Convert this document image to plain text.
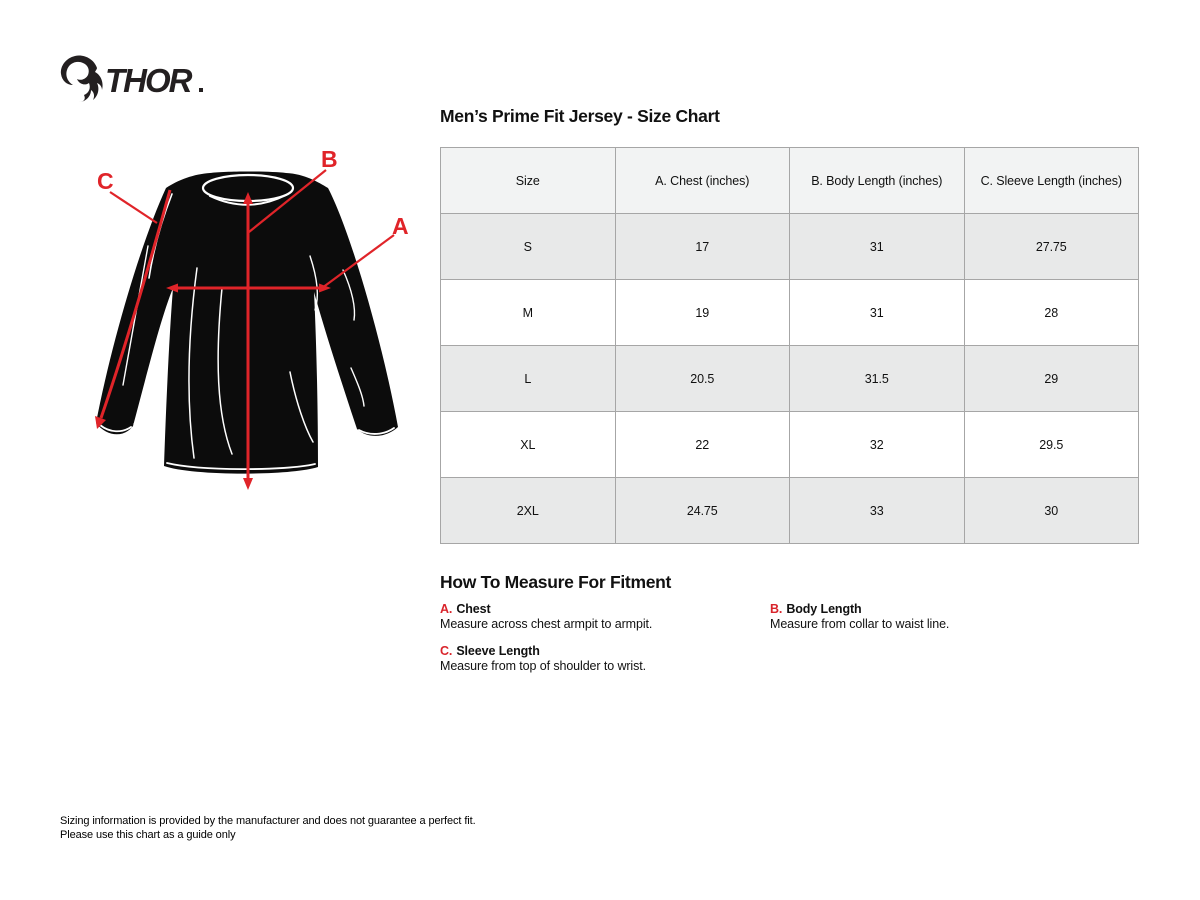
THOR
A
B
C
Men’s Prime Fit Jersey - Size Chart
Size	A. Chest (inches)	B. Body Length (inches)	C. Sleeve Length (inches)
S	17	31	27.75
M	19	31	28
L	20.5	31.5	29
XL	22	32	29.5
2XL	24.75	33	30
How To Measure For Fitment
A. Chest
Measure across chest armpit to armpit.
B. Body Length
Measure from collar to waist line.
C. Sleeve Length
Measure from top of shoulder to wrist.
Sizing information is provided by the manufacturer and does not guarantee a perfect fit.
Please use this chart as a guide only
